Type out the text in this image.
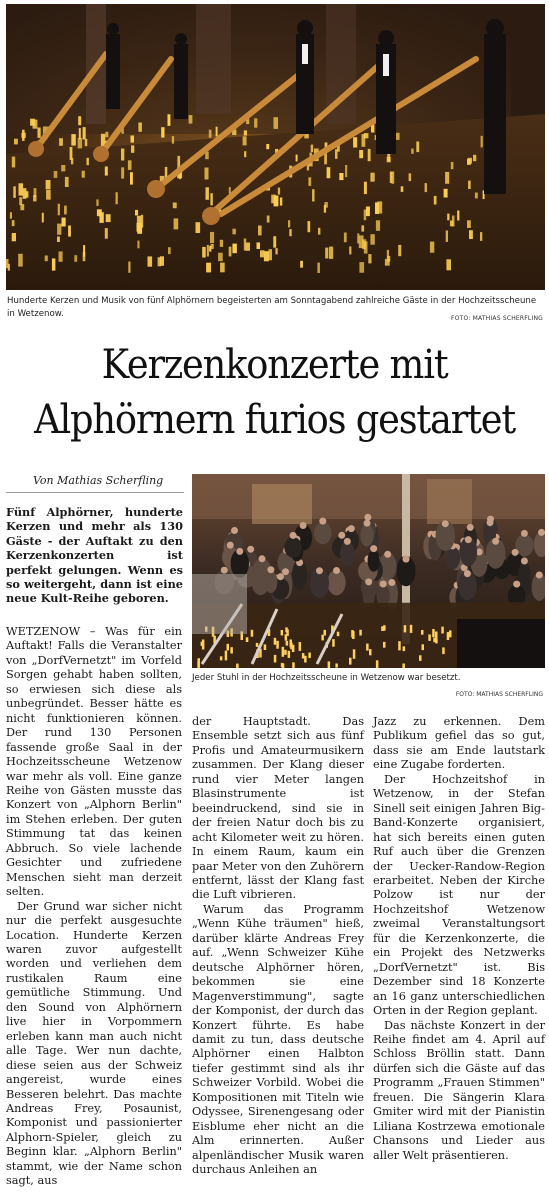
Hunderte Kerzen und Musik von fünf Alphörnern begeisterten am Sonntagabend zahlreiche Gäste in der Hochzeitsscheune in Wetzenow.	FOTO: MATHIAS SCHERFLING
Kerzenkonzerte mit
Alphörnern furios gestartet
Von Mathias Scherfling
Fünf Alphörner, hunderte Kerzen und mehr als 130 Gäste - der Auftakt zu den Kerzenkonzerten ist perfekt gelungen. Wenn es so weitergeht, dann ist eine neue Kult-Reihe geboren.
Jeder Stuhl in der Hochzeitsscheune in Wetzenow war besetzt.
FOTO: MATHIAS SCHERFLING

WETZENOW – Was für ein Auftakt! Falls die Veranstalter von „DorfVernetzt" im Vorfeld Sorgen gehabt haben sollten, so erwiesen sich diese als unbegründet. Besser hätte es nicht funktionieren können. Der rund 130 Personen fassende große Saal in der Hochzeitsscheune Wetzenow war mehr als voll. Eine ganze Reihe von Gästen musste das Konzert von „Alphorn Berlin" im Stehen erleben. Der guten Stimmung tat das keinen Abbruch. So viele lachende Gesichter und zufriedene Menschen sieht man derzeit selten.

Der Grund war sicher nicht nur die perfekt ausgesuchte Location. Hunderte Kerzen waren zuvor aufgestellt worden und verliehen dem rustikalen Raum eine gemütliche Stimmung. Und den Sound von Alphörnern live hier in Vorpommern erleben kann man auch nicht alle Tage. Wer nun dachte, diese seien aus der Schweiz angereist, wurde eines Besseren belehrt. Das machte Andreas Frey, Posaunist, Komponist und passionierter Alphorn-Spieler, gleich zu Beginn klar. „Alphorn Berlin" stammt, wie der Name schon sagt, aus

der Hauptstadt. Das Ensemble setzt sich aus fünf Profis und Amateurmusikern zusammen. Der Klang dieser rund vier Meter langen Blasinstrumente ist beeindruckend, sind sie in der freien Natur doch bis zu acht Kilometer weit zu hören. In einem Raum, kaum ein paar Meter von den Zuhörern entfernt, lässt der Klang fast die Luft vibrieren.

Warum das Programm „Wenn Kühe träumen" hieß, darüber klärte Andreas Frey auf. „Wenn Schweizer Kühe deutsche Alphörner hören, bekommen sie eine Magenverstimmung", sagte der Komponist, der durch das Konzert führte. Es habe damit zu tun, dass deutsche Alphörner einen Halbton tiefer gestimmt sind als ihr Schweizer Vorbild. Wobei die Kompositionen mit Titeln wie Odyssee, Sirenengesang oder Eisblume eher nicht an die Alm erinnerten. Außer alpenländischer Musik waren durchaus Anleihen an

Jazz zu erkennen. Dem Publikum gefiel das so gut, dass sie am Ende lautstark eine Zugabe forderten.

Der Hochzeitshof in Wetzenow, in der Stefan Sinell seit einigen Jahren Big-Band-Konzerte organisiert, hat sich bereits einen guten Ruf auch über die Grenzen der Uecker-Randow-Region erarbeitet. Neben der Kirche Polzow ist nur der Hochzeitshof Wetzenow zweimal Veranstaltungsort für die Kerzenkonzerte, die ein Projekt des Netzwerks „DorfVernetzt" ist. Bis Dezember sind 18 Konzerte an 16 ganz unterschiedlichen Orten in der Region geplant.

Das nächste Konzert in der Reihe findet am 4. April auf Schloss Bröllin statt. Dann dürfen sich die Gäste auf das Programm „Frauen Stimmen" freuen. Die Sängerin Klara Gmiter wird mit der Pianistin Liliana Kostrzewa emotionale Chansons und Lieder aus aller Welt präsentieren.
